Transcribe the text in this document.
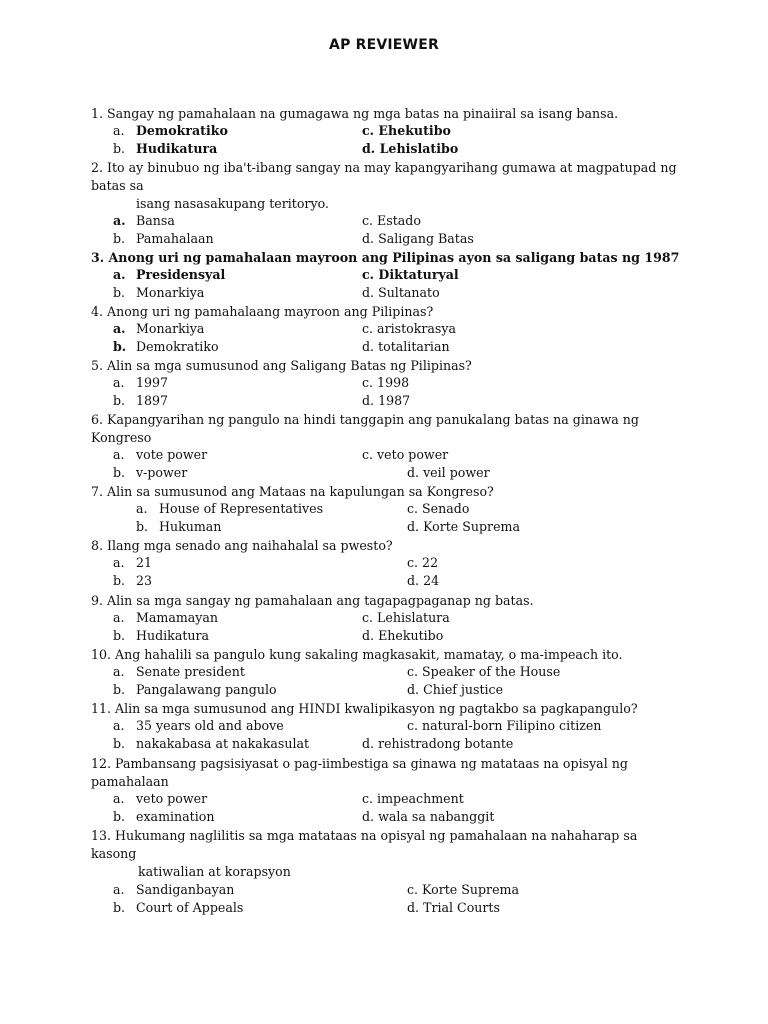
AP REVIEWER
1. Sangay ng pamahalaan na gumagawa ng mga batas na pinaiiral sa isang bansa.
a. Demokratiko	c. Ehekutibo
b. Hudikatura	d. Lehislatibo
2. Ito ay binubuo ng iba't-ibang sangay na may kapangyarihang gumawa at magpatupad ng
batas sa
isang nasasakupang teritoryo.
a. Bansa	c. Estado
b. Pamahalaan	d. Saligang Batas
3. Anong uri ng pamahalaan mayroon ang Pilipinas ayon sa saligang batas ng 1987
a. Presidensyal	c. Diktaturyal
b. Monarkiya	d. Sultanato
4. Anong uri ng pamahalaang mayroon ang Pilipinas?
a. Monarkiya	c. aristokrasya
b. Demokratiko	d. totalitarian
5. Alin sa mga sumusunod ang Saligang Batas ng Pilipinas?
a. 1997	c. 1998
b. 1897	d. 1987
6. Kapangyarihan ng pangulo na hindi tanggapin ang panukalang batas na ginawa ng
Kongreso
a. vote power	c. veto power
b. v-power	d. veil power
7. Alin sa sumusunod ang Mataas na kapulungan sa Kongreso?
a. House of Representatives	c. Senado
b. Hukuman	d. Korte Suprema
8. Ilang mga senado ang naihahalal sa pwesto?
a. 21	c. 22
b. 23	d. 24
9. Alin sa mga sangay ng pamahalaan ang tagapagpaganap ng batas.
a. Mamamayan	c. Lehislatura
b. Hudikatura	d. Ehekutibo
10. Ang hahalili sa pangulo kung sakaling magkasakit, mamatay, o ma-impeach ito.
a. Senate president	c. Speaker of the House
b. Pangalawang pangulo	d. Chief justice
11. Alin sa mga sumusunod ang HINDI kwalipikasyon ng pagtakbo sa pagkapangulo?
a. 35 years old and above	c. natural-born Filipino citizen
b. nakakabasa at nakakasulat	d. rehistradong botante
12. Pambansang pagsisiyasat o pag-iimbestiga sa ginawa ng matataas na opisyal ng
pamahalaan
a. veto power	c. impeachment
b. examination	d. wala sa nabanggit
13. Hukumang naglilitis sa mga matataas na opisyal ng pamahalaan na nahaharap sa
kasong
katiwalian at korapsyon
a. Sandiganbayan	c. Korte Suprema
b. Court of Appeals	d. Trial Courts
